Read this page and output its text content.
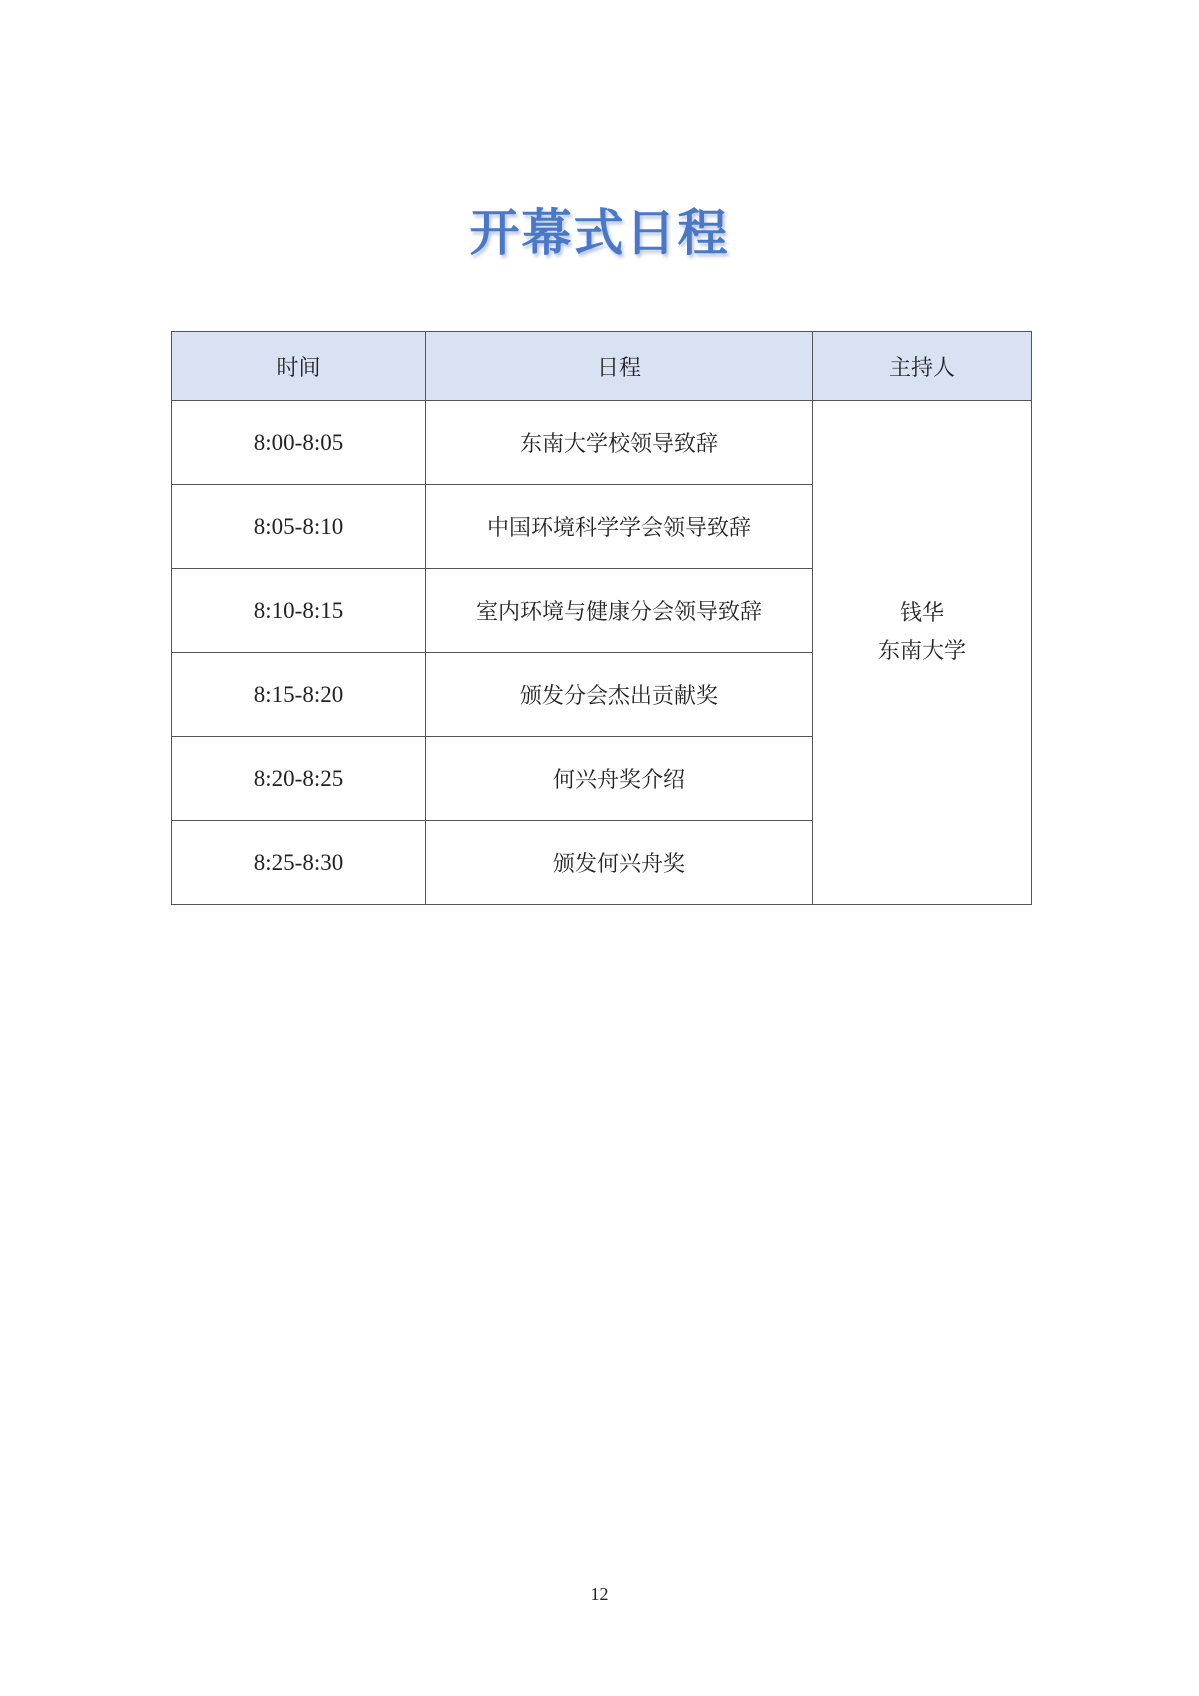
开幕式日程
时间	日程	主持人
8:00-8:05	东南大学校领导致辞	钱华
东南大学

8:05-8:10	中国环境科学学会领导致辞	
8:10-8:15	室内环境与健康分会领导致辞	
8:15-8:20	颁发分会杰出贡献奖	
8:20-8:25	何兴舟奖介绍	
8:25-8:30	颁发何兴舟奖	
12
